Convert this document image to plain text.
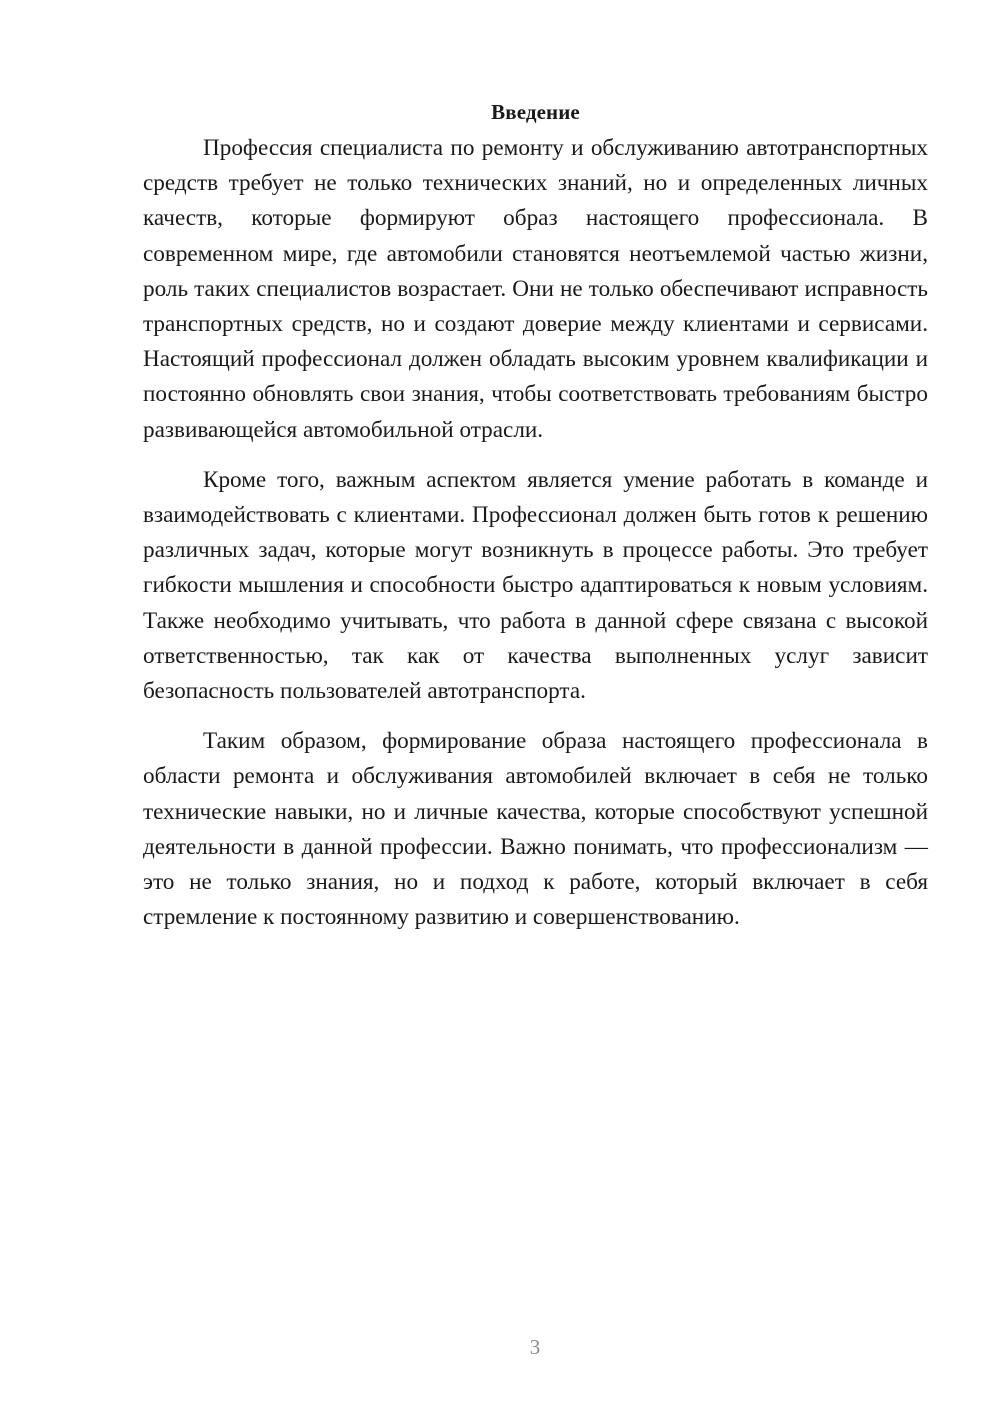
Введение

Профессия специалиста по ремонту и обслуживанию автотранспортных средств требует не только технических знаний, но и определенных личных качеств, которые формируют образ настоящего профессионала. В современном мире, где автомобили становятся неотъемлемой частью жизни, роль таких специалистов возрастает. Они не только обеспечивают исправность транспортных средств, но и создают доверие между клиентами и сервисами. Настоящий профессионал должен обладать высоким уровнем квалификации и постоянно обновлять свои знания, чтобы соответствовать требованиям быстро развивающейся автомобильной отрасли.

Кроме того, важным аспектом является умение работать в команде и взаимодействовать с клиентами. Профессионал должен быть готов к решению различных задач, которые могут возникнуть в процессе работы. Это требует гибкости мышления и способности быстро адаптироваться к новым условиям. Также необходимо учитывать, что работа в данной сфере связана с высокой ответственностью, так как от качества выполненных услуг зависит безопасность пользователей автотранспорта.

Таким образом, формирование образа настоящего профессионала в области ремонта и обслуживания автомобилей включает в себя не только технические навыки, но и личные качества, которые способствуют успешной деятельности в данной профессии. Важно понимать, что профессионализм — это не только знания, но и подход к работе, который включает в себя стремление к постоянному развитию и совершенствованию.

3
